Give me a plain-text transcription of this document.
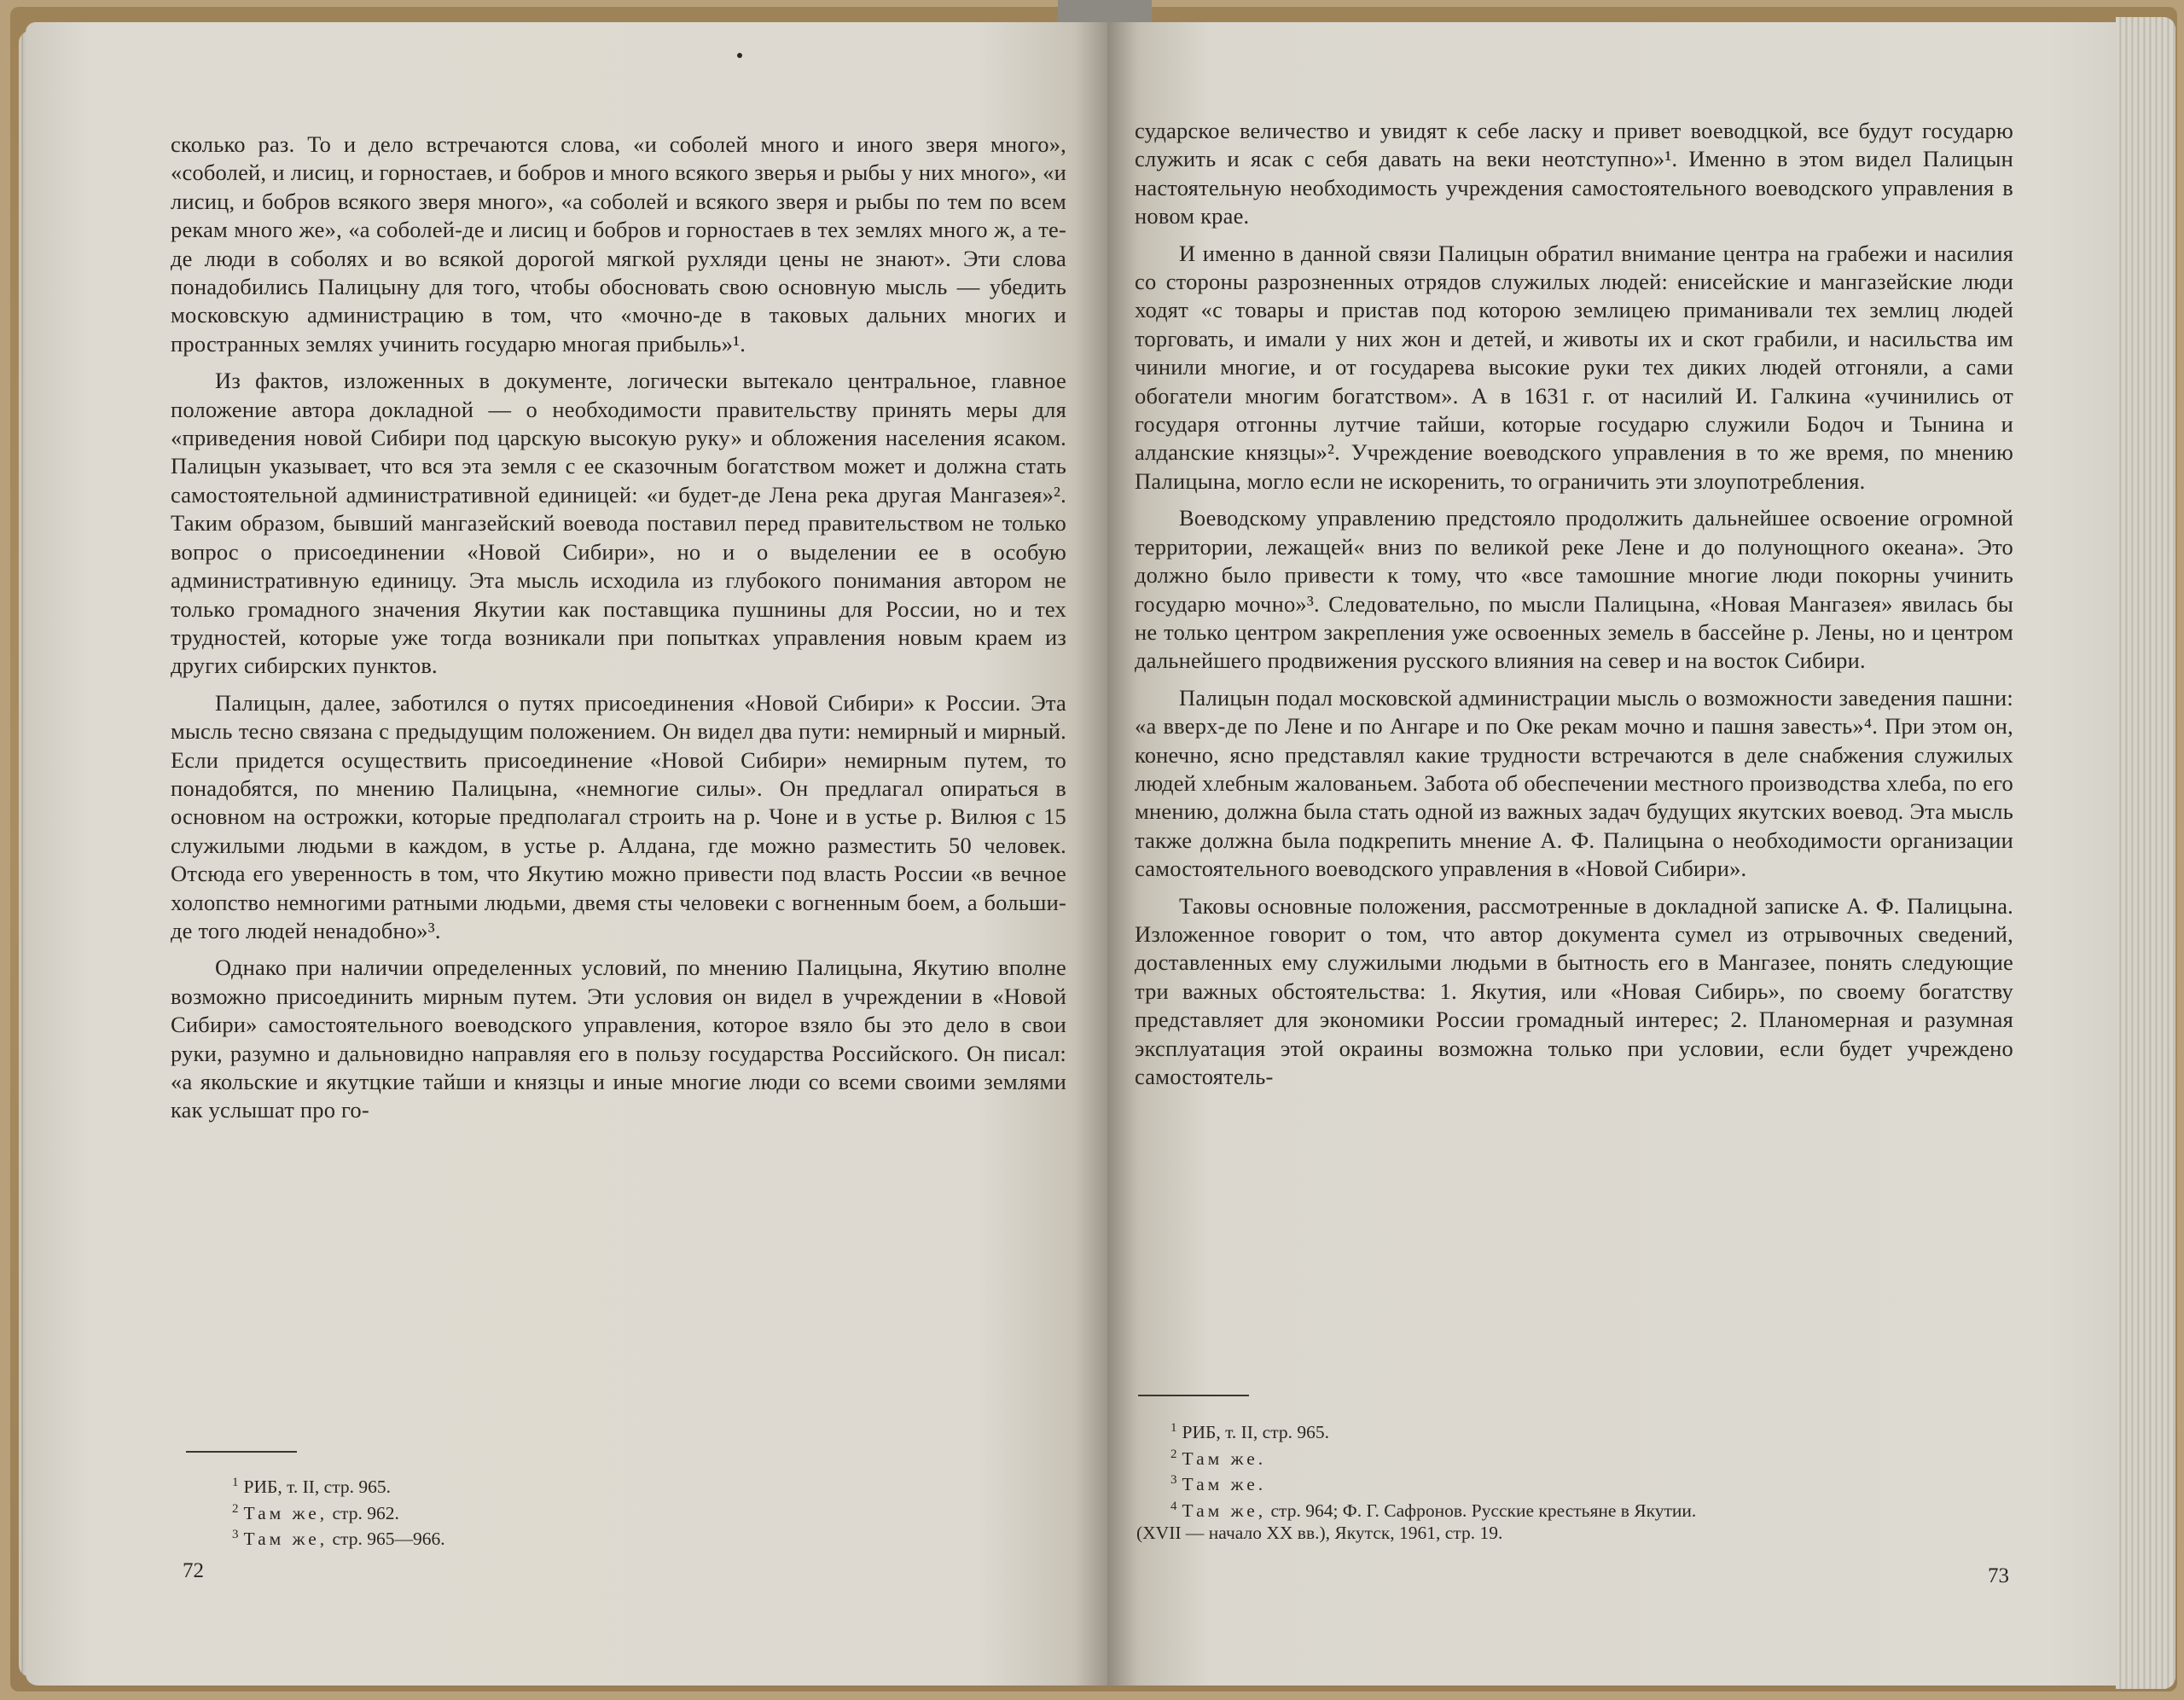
сколько раз. То и дело встречаются слова, «и соболей много и иного зверя много», «соболей, и лисиц, и горностаев, и бобров и много всякого зверья и рыбы у них много», «и лисиц, и бобров всякого зверя много», «а соболей и всякого зверя и рыбы по тем по всем рекам много же», «а соболей-де и лисиц и бобров и горностаев в тех землях много ж, а те-де люди в соболях и во всякой дорогой мягкой рухляди цены не знают». Эти слова понадобились Палицыну для того, чтобы обосновать свою основную мысль — убедить московскую администрацию в том, что «мочно-де в таковых дальних многих и пространных землях учинить государю многая прибыль»¹.

Из фактов, изложенных в документе, логически вытекало центральное, главное положение автора докладной — о необходимости правительству принять меры для «приведения новой Сибири под царскую высокую руку» и обложения населения ясаком. Палицын указывает, что вся эта земля с ее сказочным богатством может и должна стать самостоятельной административной единицей: «и будет-де Лена река другая Мангазея»². Таким образом, бывший мангазейский воевода поставил перед правительством не только вопрос о присоединении «Новой Сибири», но и о выделении ее в особую административную единицу. Эта мысль исходила из глубокого понимания автором не только громадного значения Якутии как поставщика пушнины для России, но и тех трудностей, которые уже тогда возникали при попытках управления новым краем из других сибирских пунктов.

Палицын, далее, заботился о путях присоединения «Новой Сибири» к России. Эта мысль тесно связана с предыдущим положением. Он видел два пути: немирный и мирный. Если придется осуществить присоединение «Новой Сибири» немирным путем, то понадобятся, по мнению Палицына, «немногие силы». Он предлагал опираться в основном на острожки, которые предполагал строить на р. Чоне и в устье р. Вилюя с 15 служилыми людьми в каждом, в устье р. Алдана, где можно разместить 50 человек. Отсюда его уверенность в том, что Якутию можно привести под власть России «в вечное холопство немногими ратными людьми, двемя сты человеки с вогненным боем, а больши-де того людей ненадобно»³.

Однако при наличии определенных условий, по мнению Палицына, Якутию вполне возможно присоединить мирным путем. Эти условия он видел в учреждении в «Новой Сибири» самостоятельного воеводского управления, которое взяло бы это дело в свои руки, разумно и дальновидно направляя его в пользу государства Российского. Он писал: «а якольские и якутцкие тайши и князцы и иные многие люди со всеми своими землями как услышат про го-

$^1$ РИБ, т. II, стр. 965.
$^2$ Там же, стр. 962.
$^3$ Там же, стр. 965—966.
72

сударское величество и увидят к себе ласку и привет воеводцкой, все будут государю служить и ясак с себя давать на веки неотступно»¹. Именно в этом видел Палицын настоятельную необходимость учреждения самостоятельного воеводского управления в новом крае.

И именно в данной связи Палицын обратил внимание центра на грабежи и насилия со стороны разрозненных отрядов служилых людей: енисейские и мангазейские люди ходят «с товары и пристав под которою землицею приманивали тех землиц людей торговать, и имали у них жон и детей, и животы их и скот грабили, и насильства им чинили многие, и от государева высокие руки тех диких людей отгоняли, а сами обогатели многим богатством». А в 1631 г. от насилий И. Галкина «учинились от государя отгонны лутчие тайши, которые государю служили Бодоч и Тынина и алданские князцы»². Учреждение воеводского управления в то же время, по мнению Палицына, могло если не искоренить, то ограничить эти злоупотребления.

Воеводскому управлению предстояло продолжить дальнейшее освоение огромной территории, лежащей« вниз по великой реке Лене и до полунощного океана». Это должно было привести к тому, что «все тамошние многие люди покорны учинить государю мочно»³. Следовательно, по мысли Палицына, «Новая Мангазея» явилась бы не только центром закрепления уже освоенных земель в бассейне р. Лены, но и центром дальнейшего продвижения русского влияния на север и на восток Сибири.

Палицын подал московской администрации мысль о возможности заведения пашни: «а вверх-де по Лене и по Ангаре и по Оке рекам мочно и пашня завесть»⁴. При этом он, конечно, ясно представлял какие трудности встречаются в деле снабжения служилых людей хлебным жалованьем. Забота об обеспечении местного производства хлеба, по его мнению, должна была стать одной из важных задач будущих якутских воевод. Эта мысль также должна была подкрепить мнение А. Ф. Палицына о необходимости организации самостоятельного воеводского управления в «Новой Сибири».

Таковы основные положения, рассмотренные в докладной записке А. Ф. Палицына. Изложенное говорит о том, что автор документа сумел из отрывочных сведений, доставленных ему служилыми людьми в бытность его в Мангазее, понять следующие три важных обстоятельства: 1. Якутия, или «Новая Сибирь», по своему богатству представляет для экономики России громадный интерес; 2. Планомерная и разумная эксплуатация этой окраины возможна только при условии, если будет учреждено самостоятель-

$^1$ РИБ, т. II, стр. 965.
$^2$ Там же.
$^3$ Там же.
$^4$ Там же, стр. 964; Ф. Г. Сафронов. Русские крестьяне в Якутии.
(XVII — начало XX вв.), Якутск, 1961, стр. 19.
73
